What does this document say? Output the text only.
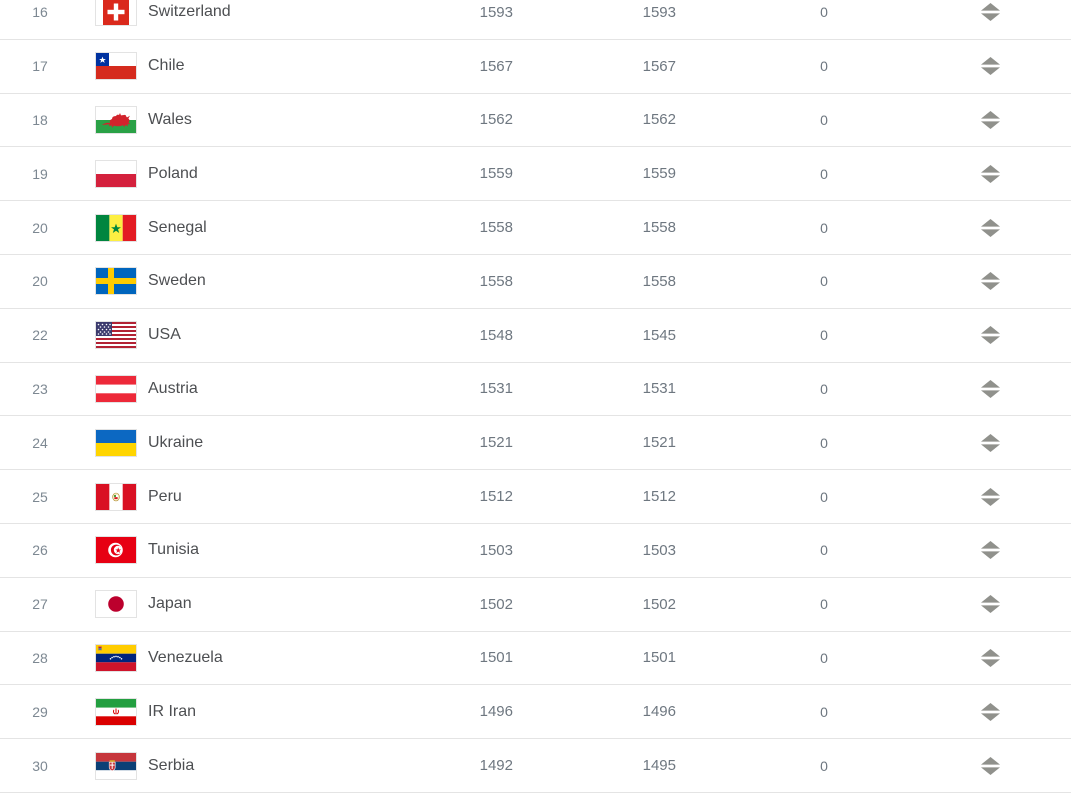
16	Switzerland	1593	1593	0
17	Chile	1567	1567	0
18	Wales	1562	1562	0
19	Poland	1559	1559	0
20	Senegal	1558	1558	0
20	Sweden	1558	1558	0
22	USA	1548	1545	0
23	Austria	1531	1531	0
24	Ukraine	1521	1521	0
25	Peru	1512	1512	0
26	Tunisia	1503	1503	0
27	Japan	1502	1502	0
28	Venezuela	1501	1501	0
29	IR Iran	1496	1496	0
30	Serbia	1492	1495	0
